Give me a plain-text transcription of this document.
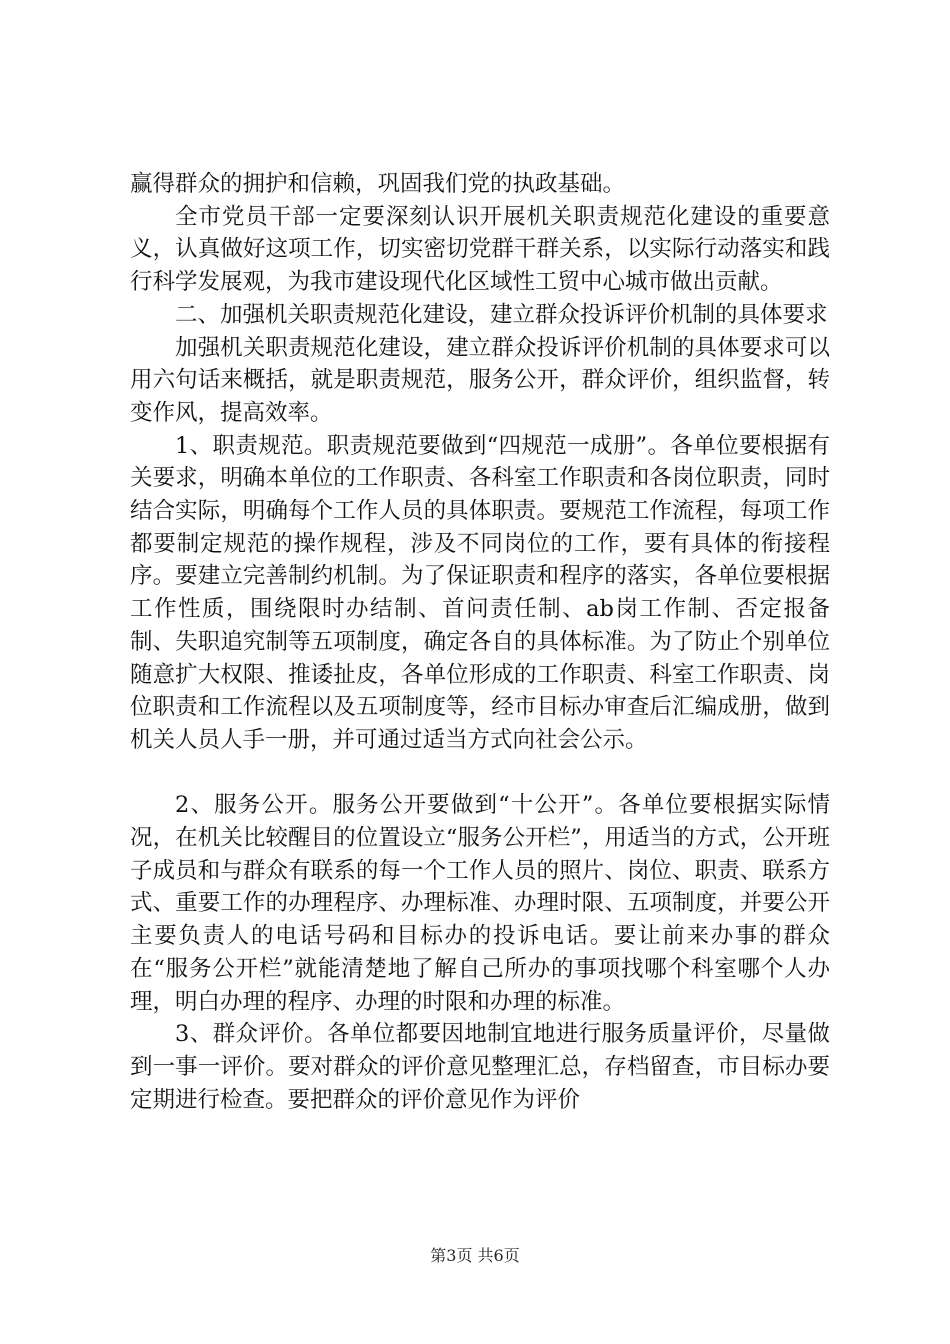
赢得群众的拥护和信赖，巩固我们党的执政基础。

全市党员干部一定要深刻认识开展机关职责规范化建设的重要意义，认真做好这项工作，切实密切党群干群关系，以实际行动落实和践行科学发展观，为我市建设现代化区域性工贸中心城市做出贡献。

二、加强机关职责规范化建设，建立群众投诉评价机制的具体要求

加强机关职责规范化建设，建立群众投诉评价机制的具体要求可以用六句话来概括，就是职责规范，服务公开，群众评价，组织监督，转变作风，提高效率。

1、职责规范。职责规范要做到“四规范一成册”。各单位要根据有关要求，明确本单位的工作职责、各科室工作职责和各岗位职责，同时结合实际，明确每个工作人员的具体职责。要规范工作流程，每项工作都要制定规范的操作规程，涉及不同岗位的工作，要有具体的衔接程序。要建立完善制约机制。为了保证职责和程序的落实，各单位要根据工作性质，围绕限时办结制、首问责任制、ab岗工作制、否定报备制、失职追究制等五项制度，确定各自的具体标准。为了防止个别单位随意扩大权限、推诿扯皮，各单位形成的工作职责、科室工作职责、岗位职责和工作流程以及五项制度等，经市目标办审查后汇编成册，做到机关人员人手一册，并可通过适当方式向社会公示。

2、服务公开。服务公开要做到“十公开”。各单位要根据实际情况，在机关比较醒目的位置设立“服务公开栏”，用适当的方式，公开班子成员和与群众有联系的每一个工作人员的照片、岗位、职责、联系方式、重要工作的办理程序、办理标准、办理时限、五项制度，并要公开主要负责人的电话号码和目标办的投诉电话。要让前来办事的群众在“服务公开栏”就能清楚地了解自己所办的事项找哪个科室哪个人办理，明白办理的程序、办理的时限和办理的标准。

3、群众评价。各单位都要因地制宜地进行服务质量评价，尽量做到一事一评价。要对群众的评价意见整理汇总，存档留查，市目标办要定期进行检查。要把群众的评价意见作为评价

第3页 共6页
